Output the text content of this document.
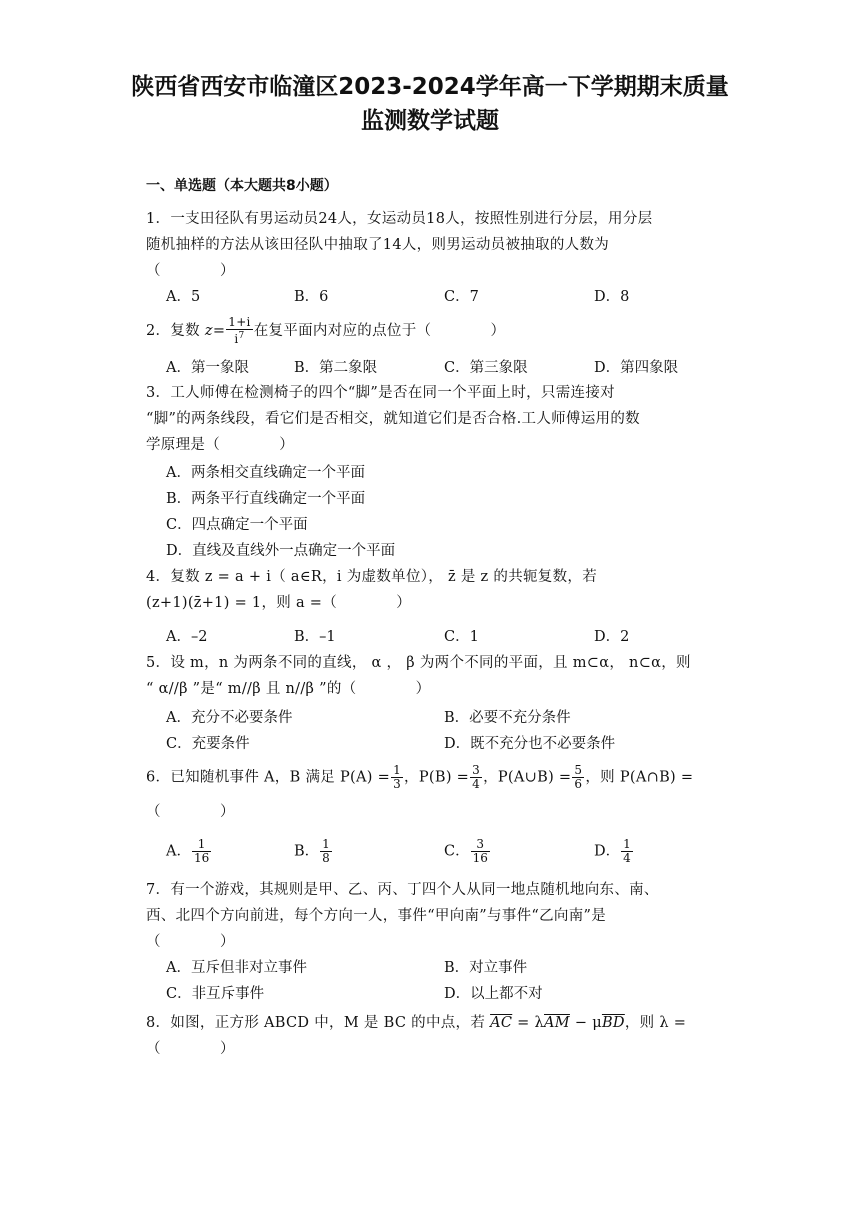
陕西省西安市临潼区2023-2024学年高一下学期期末质量
监测数学试题
一、单选题（本大题共8小题）
1．一支田径队有男运动员24人，女运动员18人，按照性别进行分层，用分层
随机抽样的方法从该田径队中抽取了14人，则男运动员被抽取的人数为
（　　　　）
A．5	B．6	C．7	D．8
2．复数 $z= \frac{1+i}{i^7}$ 在复平面内对应的点位于（　　　　）
A．第一象限	B．第二象限	C．第三象限	D．第四象限
3．工人师傅在检测椅子的四个“脚”是否在同一个平面上时，只需连接对
“脚”的两条线段，看它们是否相交，就知道它们是否合格.工人师傅运用的数
学原理是（　　　　）
A．两条相交直线确定一个平面
B．两条平行直线确定一个平面
C．四点确定一个平面
D．直线及直线外一点确定一个平面
4．复数 z = a + i（ a∈R，i 为虚数单位）， z̄ 是 z 的共轭复数，若
(z+1)(z̄+1) = 1，则 a =（　　　　）
A．–2	B．–1	C．1	D．2
5．设 m，n 为两条不同的直线， α ， β 为两个不同的平面，且 m⊂α， n⊂α，则
“ α//β ”是“ m//β 且 n//β ”的（　　　　）
A．充分不必要条件	B．必要不充分条件
C．充要条件	D．既不充分也不必要条件
6．已知随机事件 A，B 满足 $P(A) = \frac{1}{3}$ ，$P(B) = \frac{3}{4}$ ，P(A∪B) = $\frac{5}{6}$ ，则 P(A∩B) =
（　　　　）
A． $\frac{1}{16}$	B． $\frac{1}{8}$	C． $\frac{3}{16}$	D． $\frac{1}{4}$
7．有一个游戏，其规则是甲、乙、丙、丁四个人从同一地点随机地向东、南、
西、北四个方向前进，每个方向一人，事件“甲向南”与事件“乙向南”是
（　　　　）
A．互斥但非对立事件	B．对立事件
C．非互斥事件	D．以上都不对
8．如图，正方形 ABCD 中，M 是 BC 的中点，若 $\overline{AC} = \lambda\overline{AM} - \mu\overline{BD}$，则 λ =
（　　　　）
